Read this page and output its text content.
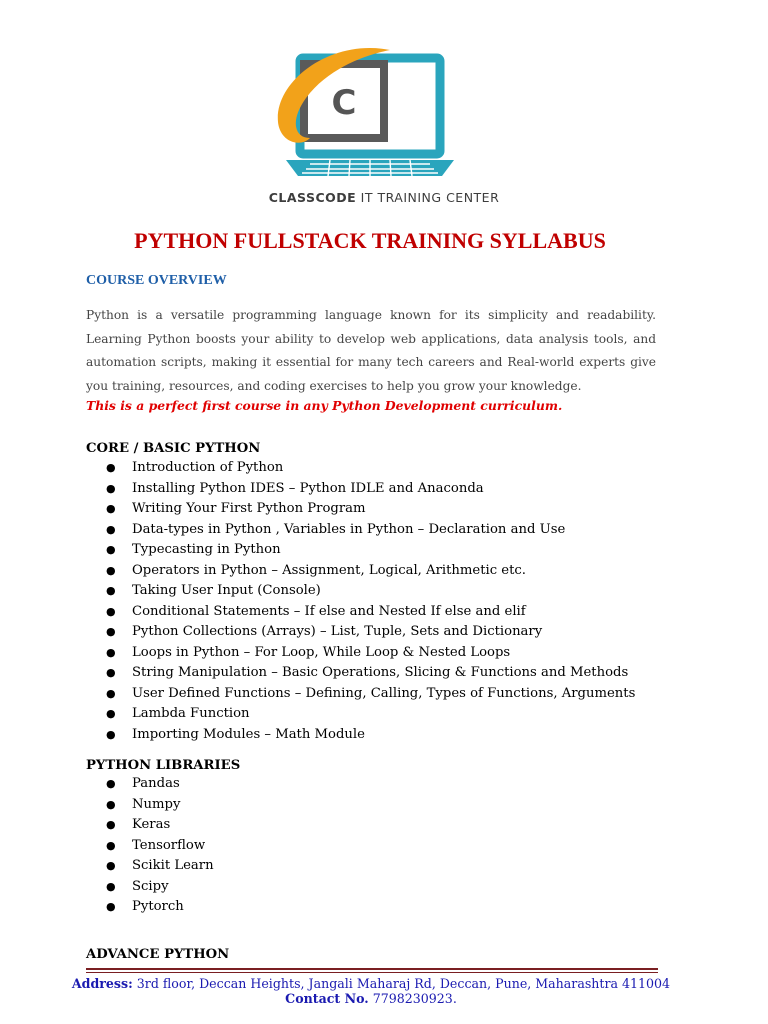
C
CLASSCODE IT TRAINING CENTER
PYTHON FULLSTACK TRAINING SYLLABUS
COURSE OVERVIEW
Python is a versatile programming language known for its simplicity and readability. Learning Python boosts your ability to develop web applications, data analysis tools, and automation scripts, making it essential for many tech careers and Real-world experts give you training, resources, and coding exercises to help you grow your knowledge.
This is a perfect first course in any Python Development curriculum.
CORE / BASIC PYTHON
● Introduction of Python
● Installing Python IDES – Python IDLE and Anaconda
● Writing Your First Python Program
● Data-types in Python , Variables in Python – Declaration and Use
● Typecasting in Python
● Operators in Python – Assignment, Logical, Arithmetic etc.
● Taking User Input (Console)
● Conditional Statements – If else and Nested If else and elif
● Python Collections (Arrays) – List, Tuple, Sets and Dictionary
● Loops in Python – For Loop, While Loop & Nested Loops
● String Manipulation – Basic Operations, Slicing & Functions and Methods
● User Defined Functions – Defining, Calling, Types of Functions, Arguments
● Lambda Function
● Importing Modules – Math Module
PYTHON LIBRARIES
● Pandas
● Numpy
● Keras
● Tensorflow
● Scikit Learn
● Scipy
● Pytorch
ADVANCE PYTHON
Address: 3rd floor, Deccan Heights, Jangali Maharaj Rd, Deccan, Pune, Maharashtra 411004
Contact No. 7798230923.
